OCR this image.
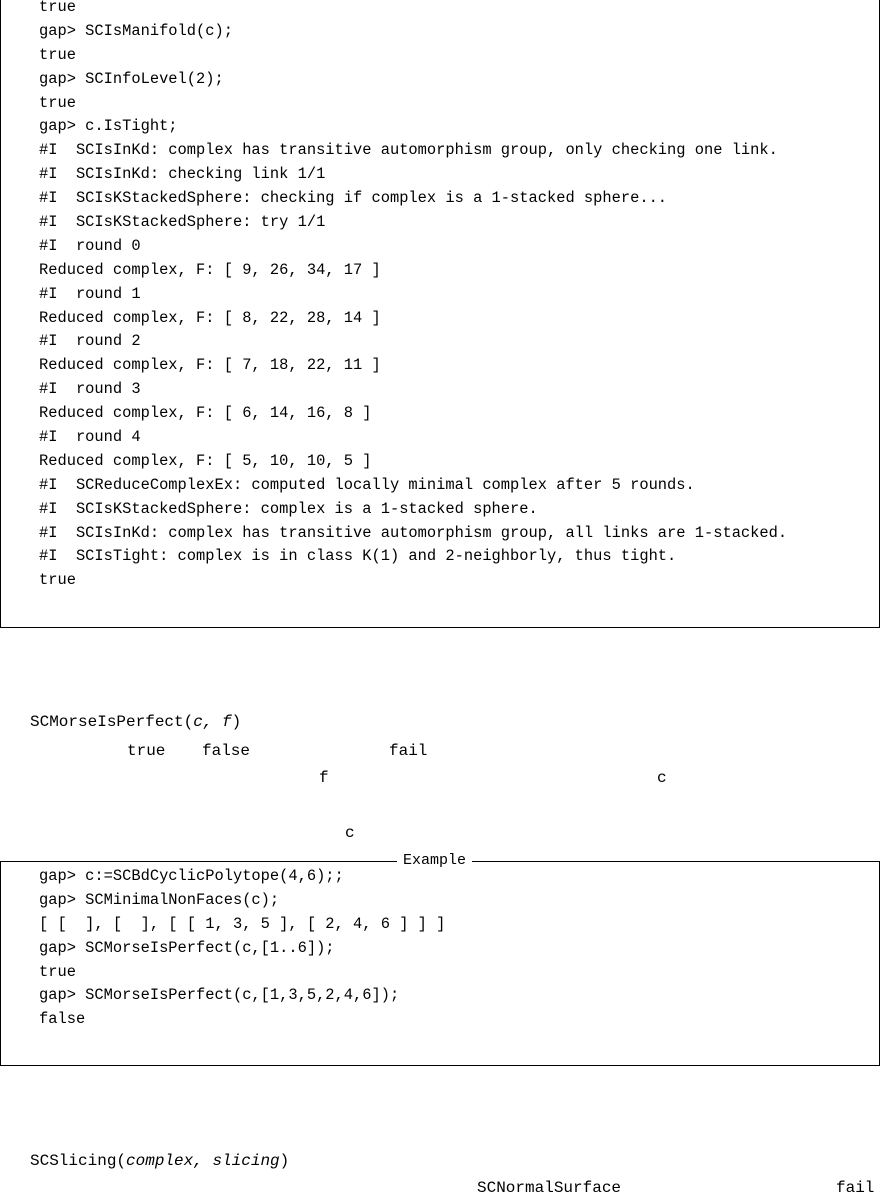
true
gap> SCIsManifold(c);
true
gap> SCInfoLevel(2);
true
gap> c.IsTight;
#I  SCIsInKd: complex has transitive automorphism group, only checking one link.
#I  SCIsInKd: checking link 1/1
#I  SCIsKStackedSphere: checking if complex is a 1-stacked sphere...
#I  SCIsKStackedSphere: try 1/1
#I  round 0
Reduced complex, F: [ 9, 26, 34, 17 ]
#I  round 1
Reduced complex, F: [ 8, 22, 28, 14 ]
#I  round 2
Reduced complex, F: [ 7, 18, 22, 11 ]
#I  round 3
Reduced complex, F: [ 6, 14, 16, 8 ]
#I  round 4
Reduced complex, F: [ 5, 10, 10, 5 ]
#I  SCReduceComplexEx: computed locally minimal complex after 5 rounds.
#I  SCIsKStackedSphere: complex is a 1-stacked sphere.
#I  SCIsInKd: complex has transitive automorphism group, all links are 1-stacked.
#I  SCIsTight: complex is in class K(1) and 2-neighborly, thus tight.
true
SCMorseIsPerfect(c, f)
true false	fail
f	c
c
Example
gap> c:=SCBdCyclicPolytope(4,6);;
gap> SCMinimalNonFaces(c);
[ [  ], [  ], [ [ 1, 3, 5 ], [ 2, 4, 6 ] ] ]
gap> SCMorseIsPerfect(c,[1..6]);
true
gap> SCMorseIsPerfect(c,[1,3,5,2,4,6]);
false
SCSlicing(complex, slicing)
SCNormalSurface	fail
